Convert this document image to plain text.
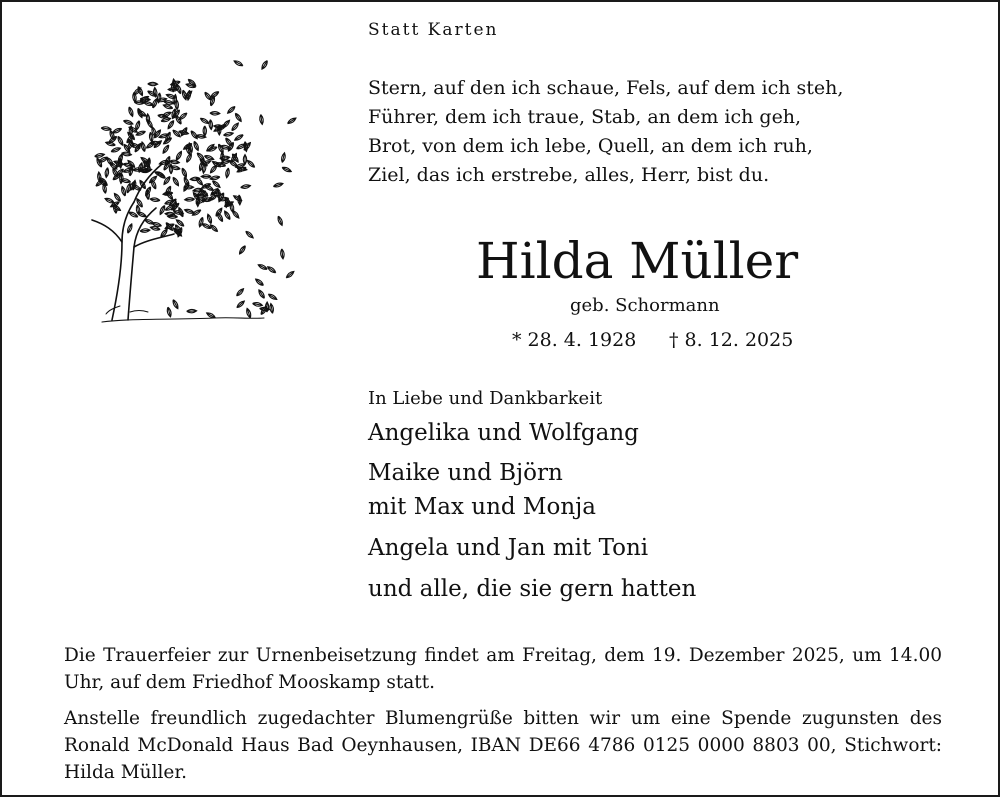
Statt Karten
Stern, auf den ich schaue, Fels, auf dem ich steh,
Führer, dem ich traue, Stab, an dem ich geh,
Brot, von dem ich lebe, Quell, an dem ich ruh,
Ziel, das ich erstrebe, alles, Herr, bist du.
Hilda Müller
geb. Schormann
* 28. 4. 1928 † 8. 12. 2025
In Liebe und Dankbarkeit
Angelika und Wolfgang
Maike und Björn
mit Max und Monja
Angela und Jan mit Toni
und alle, die sie gern hatten
Die Trauerfeier zur Urnenbeisetzung findet am Freitag, dem 19. Dezember 2025, um 14.00 Uhr, auf dem Friedhof Mooskamp statt.
Anstelle freundlich zugedachter Blumengrüße bitten wir um eine Spende zugunsten des Ronald McDonald Haus Bad Oeynhausen, IBAN DE66 4786 0125 0000 8803 00, Stichwort: Hilda Müller.
